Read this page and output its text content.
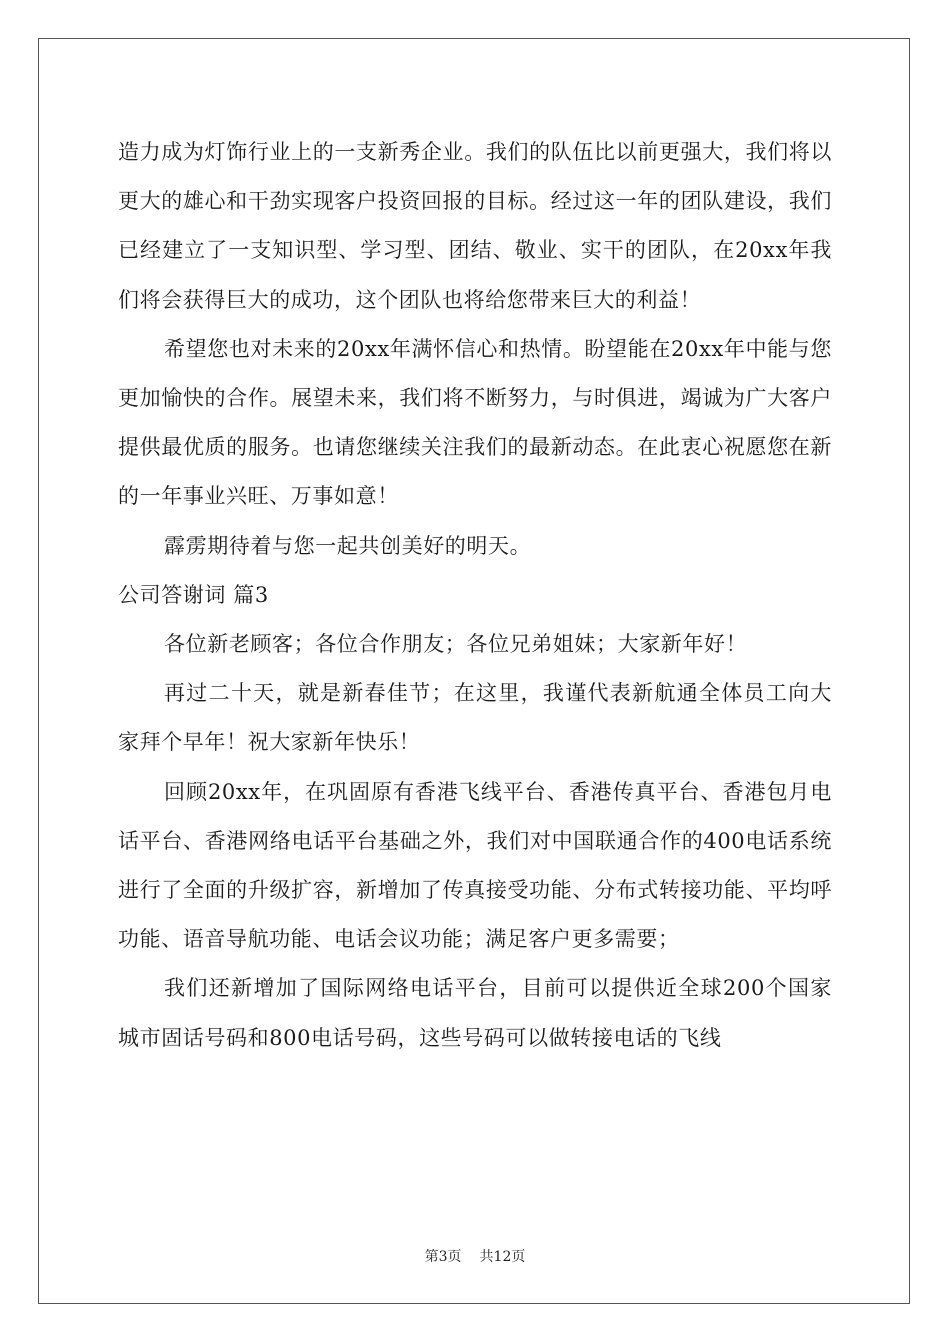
造力成为灯饰行业上的一支新秀企业。我们的队伍比以前更强大，我们将以更大的雄心和干劲实现客户投资回报的目标。经过这一年的团队建设，我们已经建立了一支知识型、学习型、团结、敬业、实干的团队，在20xx年我们将会获得巨大的成功，这个团队也将给您带来巨大的利益！

希望您也对未来的20xx年满怀信心和热情。盼望能在20xx年中能与您更加愉快的合作。展望未来，我们将不断努力，与时俱进，竭诚为广大客户提供最优质的服务。也请您继续关注我们的最新动态。在此衷心祝愿您在新的一年事业兴旺、万事如意！

霹雳期待着与您一起共创美好的明天。

公司答谢词 篇3

各位新老顾客；各位合作朋友；各位兄弟姐妹；大家新年好！

再过二十天，就是新春佳节；在这里，我谨代表新航通全体员工向大家拜个早年！祝大家新年快乐！

回顾20xx年，在巩固原有香港飞线平台、香港传真平台、香港包月电话平台、香港网络电话平台基础之外，我们对中国联通合作的400电话系统进行了全面的升级扩容，新增加了传真接受功能、分布式转接功能、平均呼功能、语音导航功能、电话会议功能；满足客户更多需要；

我们还新增加了国际网络电话平台，目前可以提供近全球200个国家城市固话号码和800电话号码，这些号码可以做转接电话的飞线

第3页 共12页
